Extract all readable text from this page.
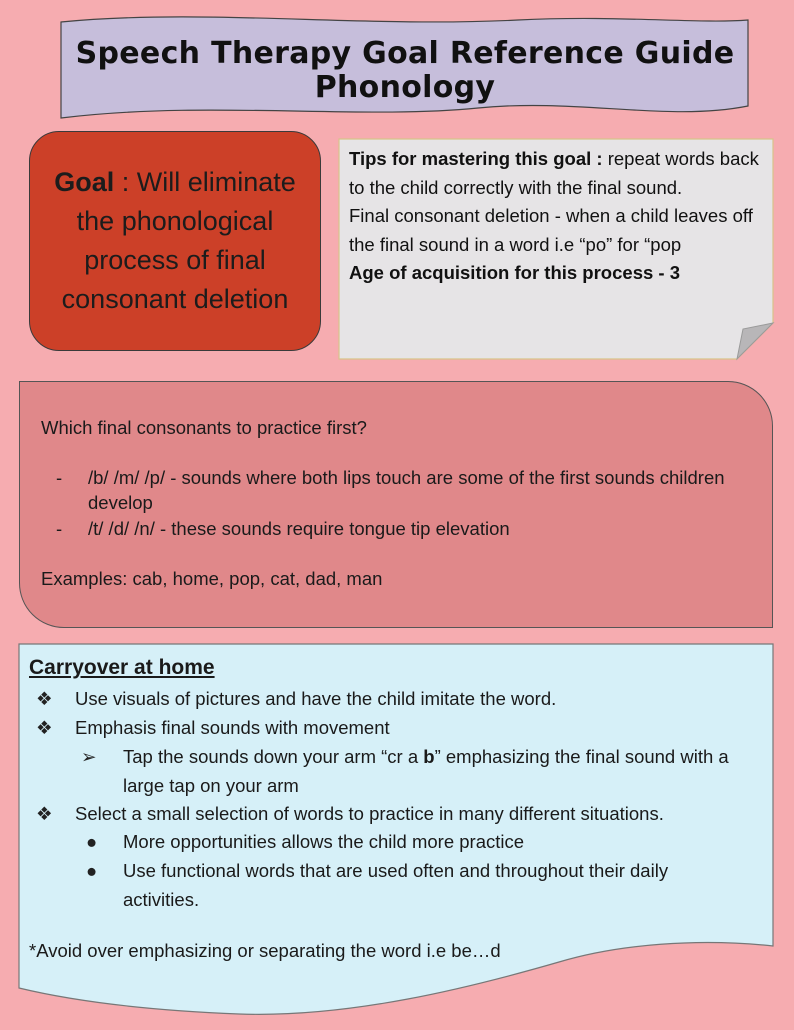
Speech Therapy Goal Reference Guide
Phonology
Goal : Will eliminate the phonological process of final consonant deletion
Tips for mastering this goal : repeat words back to the child correctly with the final sound.
Final consonant deletion - when a child leaves off the final sound in a word i.e “po” for “pop
Age of acquisition for this process - 3
Which final consonants to practice first?
- /b/ /m/ /p/ - sounds where both lips touch are some of the first sounds children develop
- /t/ /d/ /n/ - these sounds require tongue tip elevation
Examples: cab, home, pop, cat, dad, man
Carryover at home
❖ Use visuals of pictures and have the child imitate the word.
❖ Emphasis final sounds with movement
➢ Tap the sounds down your arm “cr a b” emphasizing the final sound with a large tap on your arm
❖ Select a small selection of words to practice in many different situations.
● More opportunities allows the child more practice
● Use functional words that are used often and throughout their daily activities.
*Avoid over emphasizing or separating the word i.e be…d
